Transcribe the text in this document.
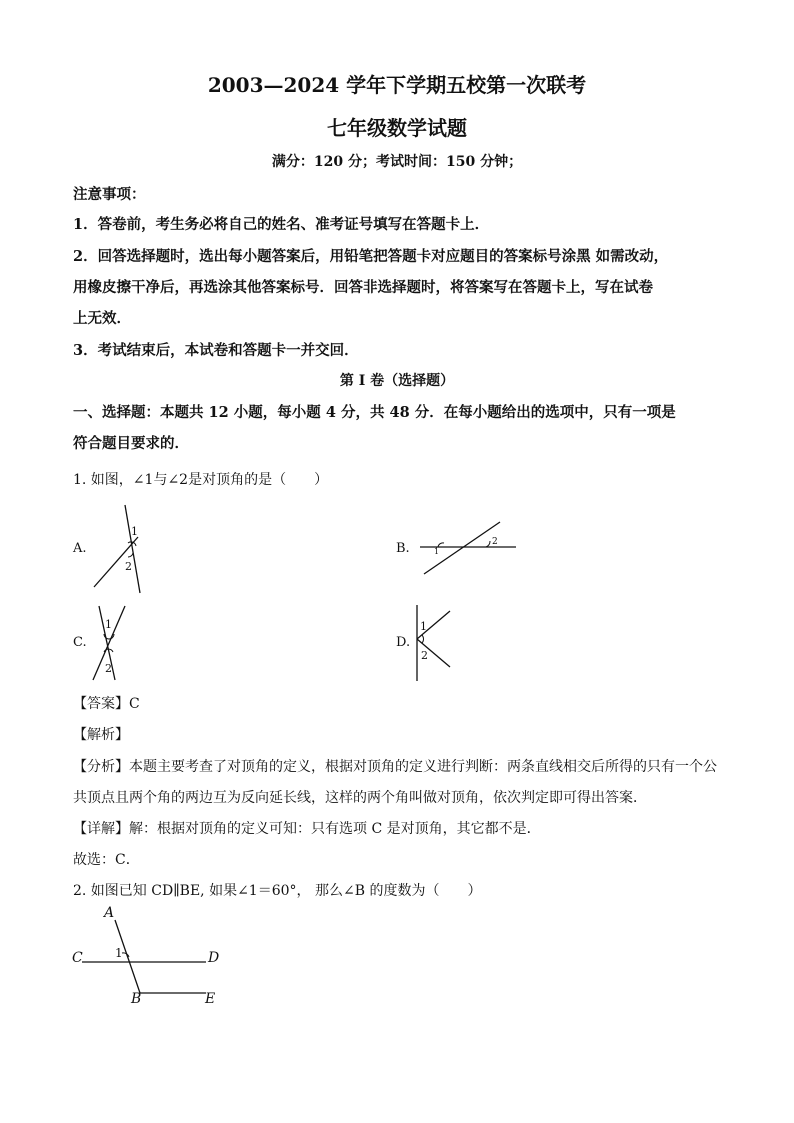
2003—2024 学年下学期五校第一次联考
七年级数学试题
满分：120 分；考试时间：150 分钟；
注意事项：
1．答卷前，考生务必将自己的姓名、准考证号填写在答题卡上．
2．回答选择题时，选出每小题答案后，用铅笔把答题卡对应题目的答案标号涂黑 如需改动，
用橡皮擦干净后，再选涂其他答案标号．回答非选择题时，将答案写在答题卡上，写在试卷
上无效．
3．考试结束后，本试卷和答题卡一并交回．
第 I 卷（选择题）
一、选择题：本题共 12 小题，每小题 4 分，共 48 分．在每小题给出的选项中，只有一项是
符合题目要求的．
1. 如图，∠1与∠2是对顶角的是（　　）
A.
1
2
B.	1
2
C.
1
2
D.
1
2
【答案】C
【解析】
【分析】本题主要考查了对顶角的定义，根据对顶角的定义进行判断：两条直线相交后所得的只有一个公
共顶点且两个角的两边互为反向延长线，这样的两个角叫做对顶角，依次判定即可得出答案．
【详解】解：根据对顶角的定义可知：只有选项 C 是对顶角，其它都不是．
故选：C．
2. 如图已知 CD∥BE, 如果∠1＝60°， 那么∠B 的度数为（　　）
A
C	D
B	E
1
